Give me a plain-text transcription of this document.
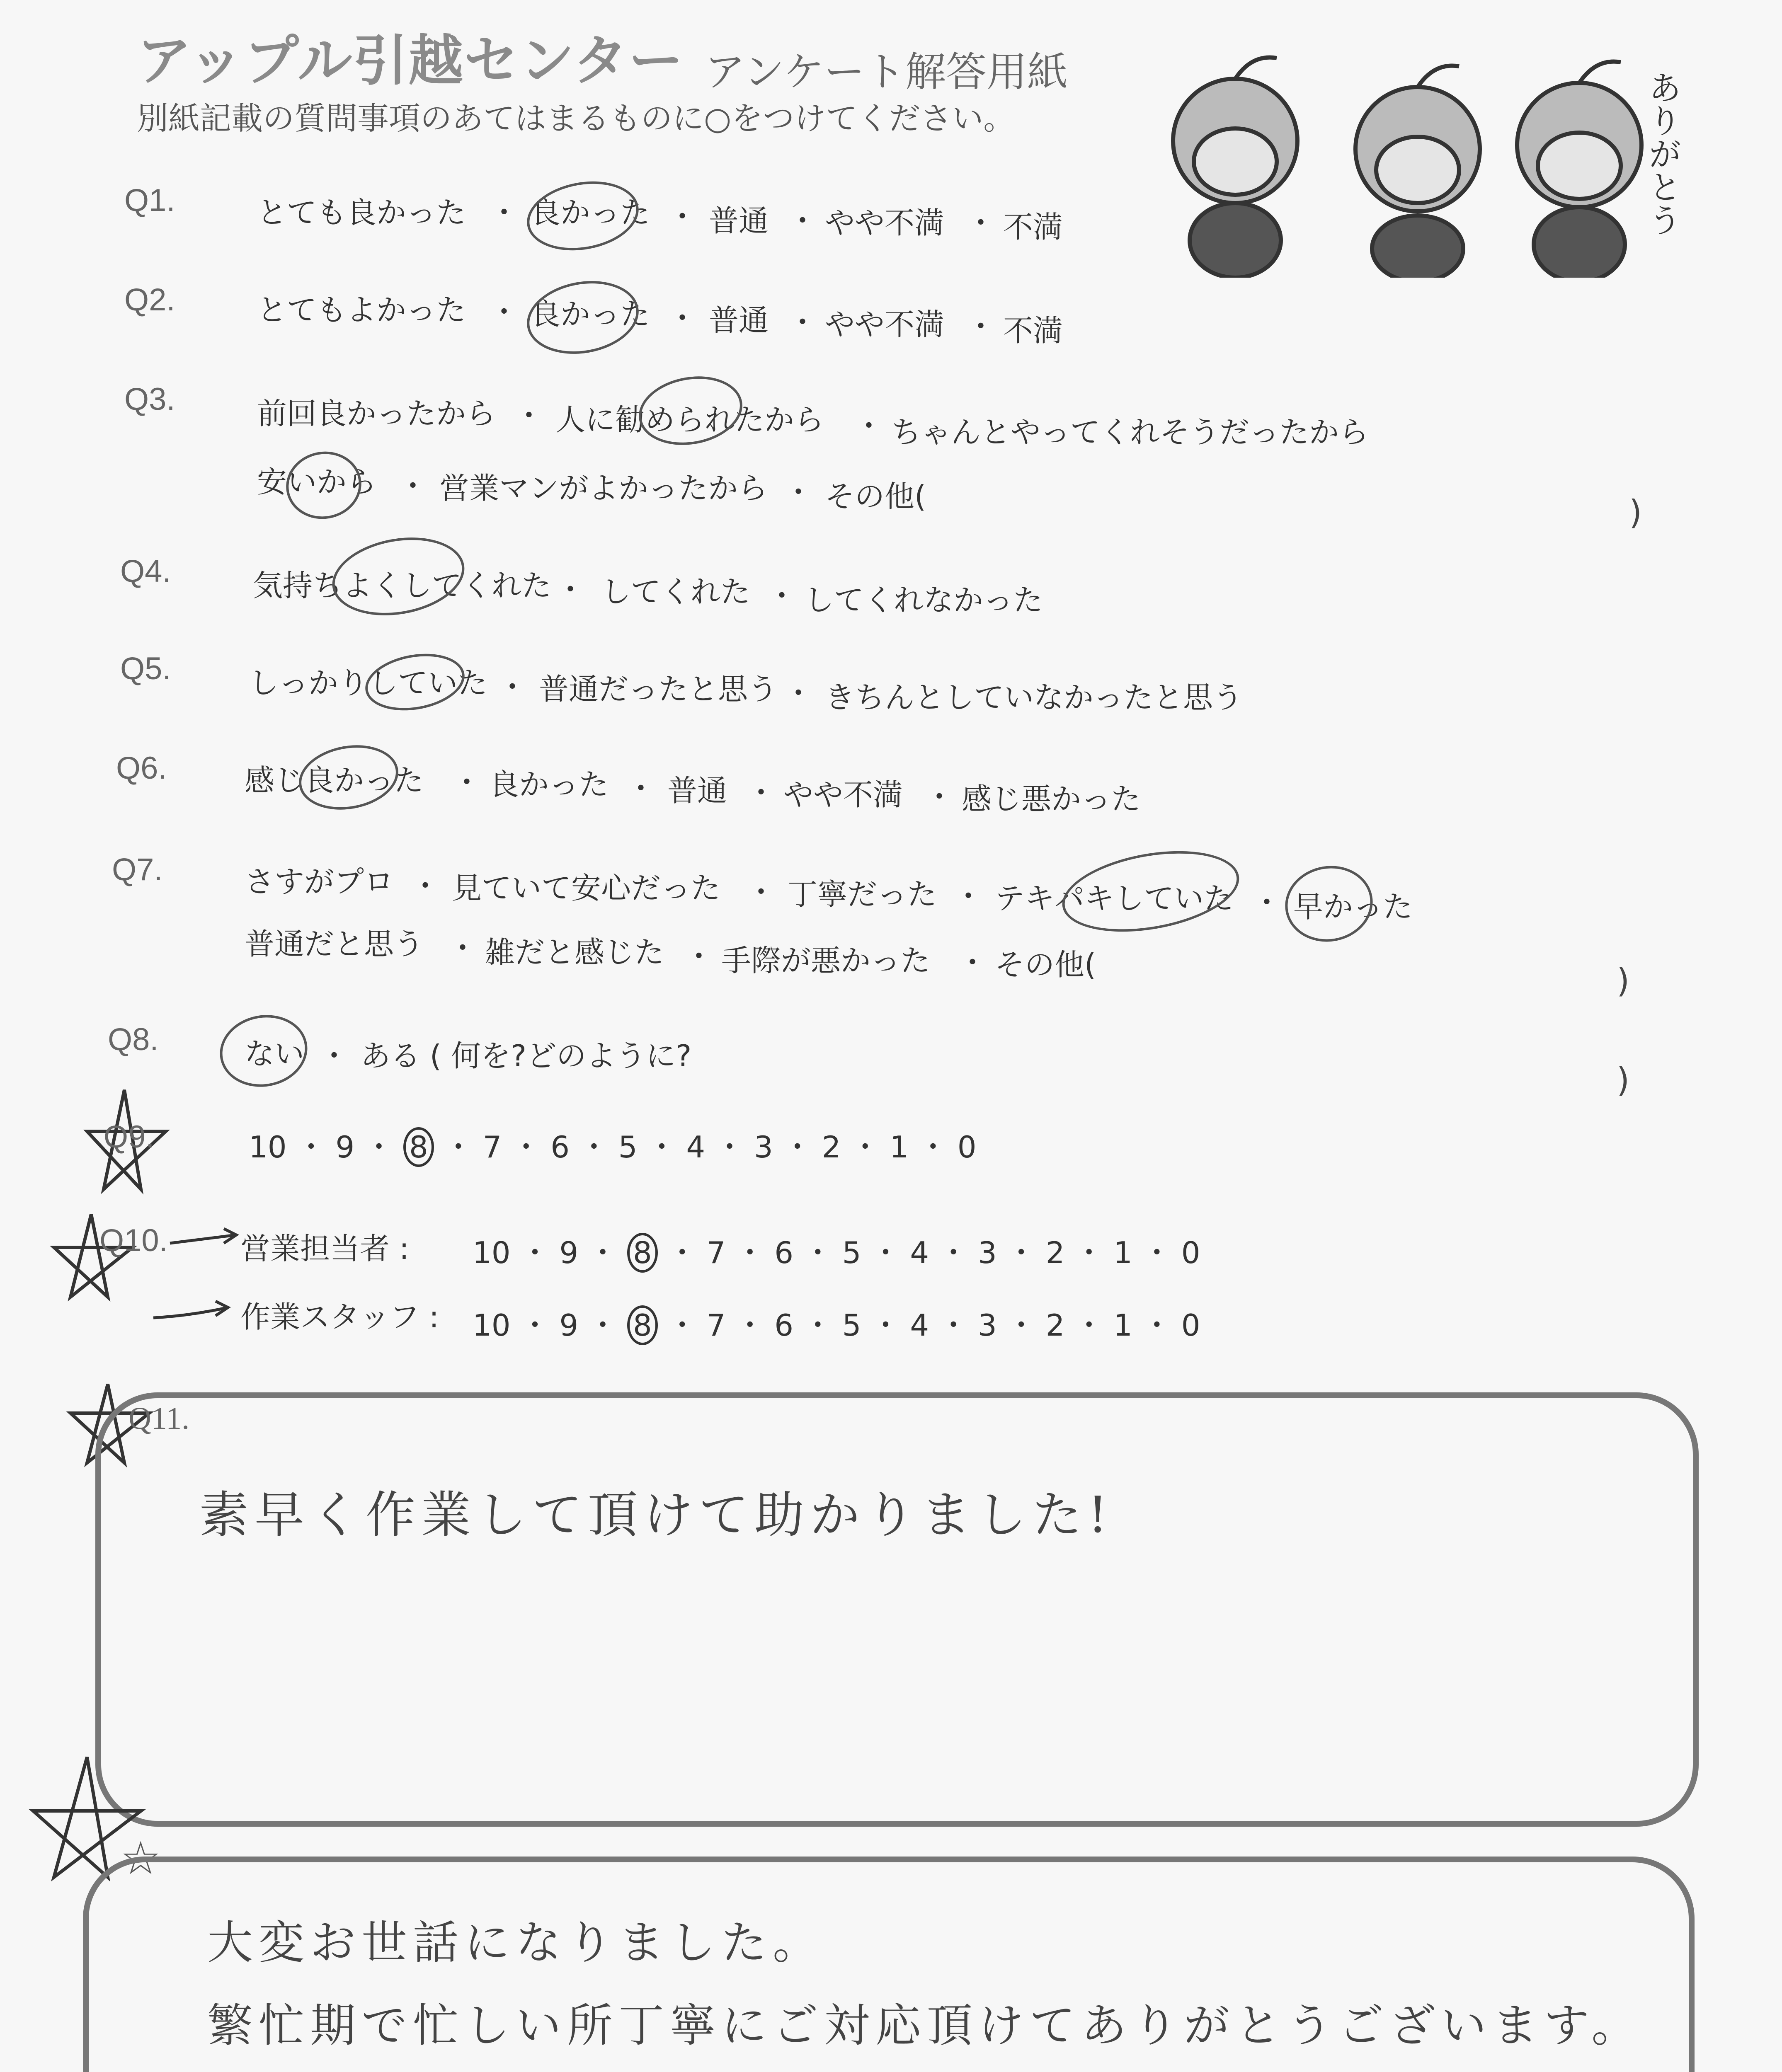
アップル引越センター アンケート解答用紙
別紙記載の質問事項のあてはまるものに○をつけてください。	ありがとう
Q1.	とても良かった ・ 良かった ・ 普通 ・ やや不満 ・ 不満
Q2.	とてもよかった ・ 良かった ・ 普通 ・ やや不満 ・ 不満
Q3.	前回良かったから ・ 人に勧められたから ・ ちゃんとやってくれそうだったから
安いから ・ 営業マンがよかったから ・ その他(	)
Q4.	気持ちよくしてくれた ・ してくれた ・ してくれなかった
Q5.	しっかりしていた ・ 普通だったと思う ・ きちんとしていなかったと思う
Q6.	感じ良かった ・ 良かった ・ 普通 ・ やや不満 ・ 感じ悪かった
Q7.	さすがプロ ・ 見ていて安心だった ・ 丁寧だった ・ テキパキしていた ・ 早かった
普通だと思う ・ 雑だと感じた ・ 手際が悪かった ・ その他(	)
Q8.	ない ・ ある ( 何を?どのように?
)
Q9.	10 ・ 9 ・ 8 ・ 7 ・ 6 ・ 5 ・ 4 ・ 3 ・ 2 ・ 1 ・ 0
Q10. 営業担当者 : 10 ・ 9 ・ 8 ・ 7 ・ 6 ・ 5 ・ 4 ・ 3 ・ 2 ・ 1 ・ 0
作業スタッフ : 10 ・ 9 ・ 8 ・ 7 ・ 6 ・ 5 ・ 4 ・ 3 ・ 2 ・ 1 ・ 0
Q11.
素早く作業して頂けて助かりました!
☆
大変お世話になりました。
繁忙期で忙しい所丁寧にご対応頂けてありがとうございます。
